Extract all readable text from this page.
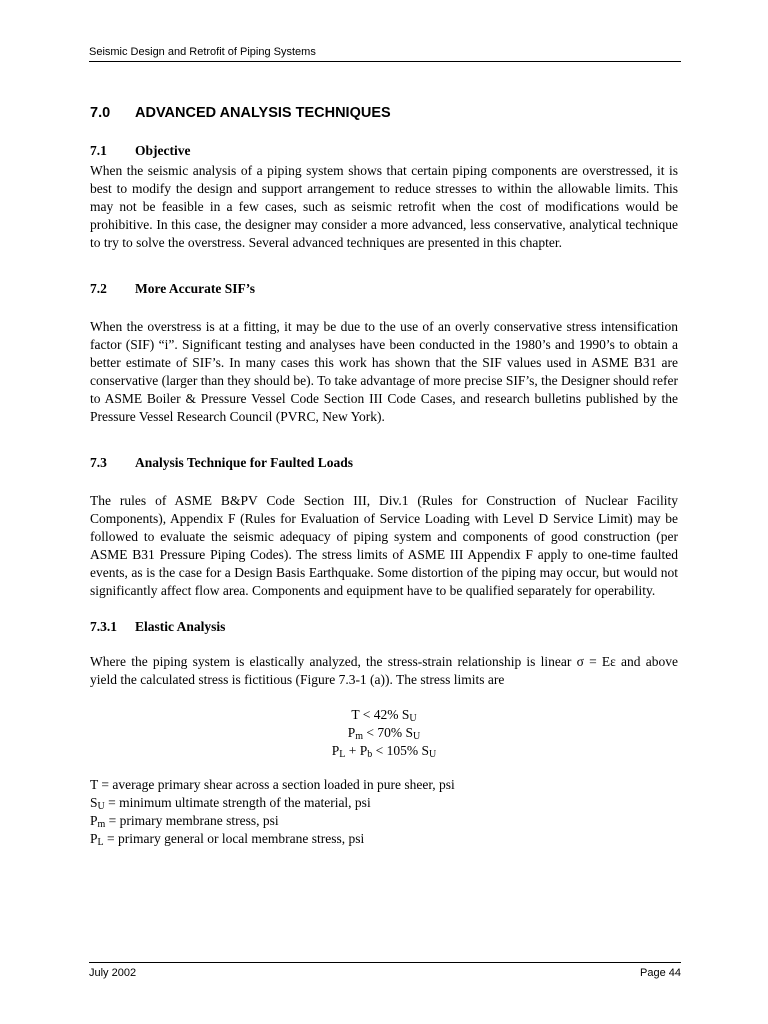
Seismic Design and Retrofit of Piping Systems
7.0 ADVANCED ANALYSIS TECHNIQUES
7.1 Objective

When the seismic analysis of a piping system shows that certain piping components are overstressed, it is best to modify the design and support arrangement to reduce stresses to within the allowable limits. This may not be feasible in a few cases, such as seismic retrofit when the cost of modifications would be prohibitive. In this case, the designer may consider a more advanced, less conservative, analytical technique to try to solve the overstress. Several advanced techniques are presented in this chapter.

7.2 More Accurate SIF’s

When the overstress is at a fitting, it may be due to the use of an overly conservative stress intensification factor (SIF) “i”. Significant testing and analyses have been conducted in the 1980’s and 1990’s to obtain a better estimate of SIF’s. In many cases this work has shown that the SIF values used in ASME B31 are conservative (larger than they should be). To take advantage of more precise SIF’s, the Designer should refer to ASME Boiler & Pressure Vessel Code Section III Code Cases, and research bulletins published by the Pressure Vessel Research Council (PVRC, New York).

7.3 Analysis Technique for Faulted Loads

The rules of ASME B&PV Code Section III, Div.1 (Rules for Construction of Nuclear Facility Components), Appendix F (Rules for Evaluation of Service Loading with Level D Service Limit) may be followed to evaluate the seismic adequacy of piping system and components of good construction (per ASME B31 Pressure Piping Codes). The stress limits of ASME III Appendix F apply to one-time faulted events, as is the case for a Design Basis Earthquake. Some distortion of the piping may occur, but would not significantly affect flow area. Components and equipment have to be qualified separately for operability.

7.3.1 Elastic Analysis

Where the piping system is elastically analyzed, the stress-strain relationship is linear σ = Eε and above yield the calculated stress is fictitious (Figure 7.3-1 (a)). The stress limits are

T < 42% $S_U$
$P_m < 70\%$ $S_U$
$P_L + P_b < 105\%$ $S_U$
T = average primary shear across a section loaded in pure sheer, psi
$S_U$ = minimum ultimate strength of the material, psi
$P_m$ = primary membrane stress, psi
$P_L$ = primary general or local membrane stress, psi
July 2002	Page 44
